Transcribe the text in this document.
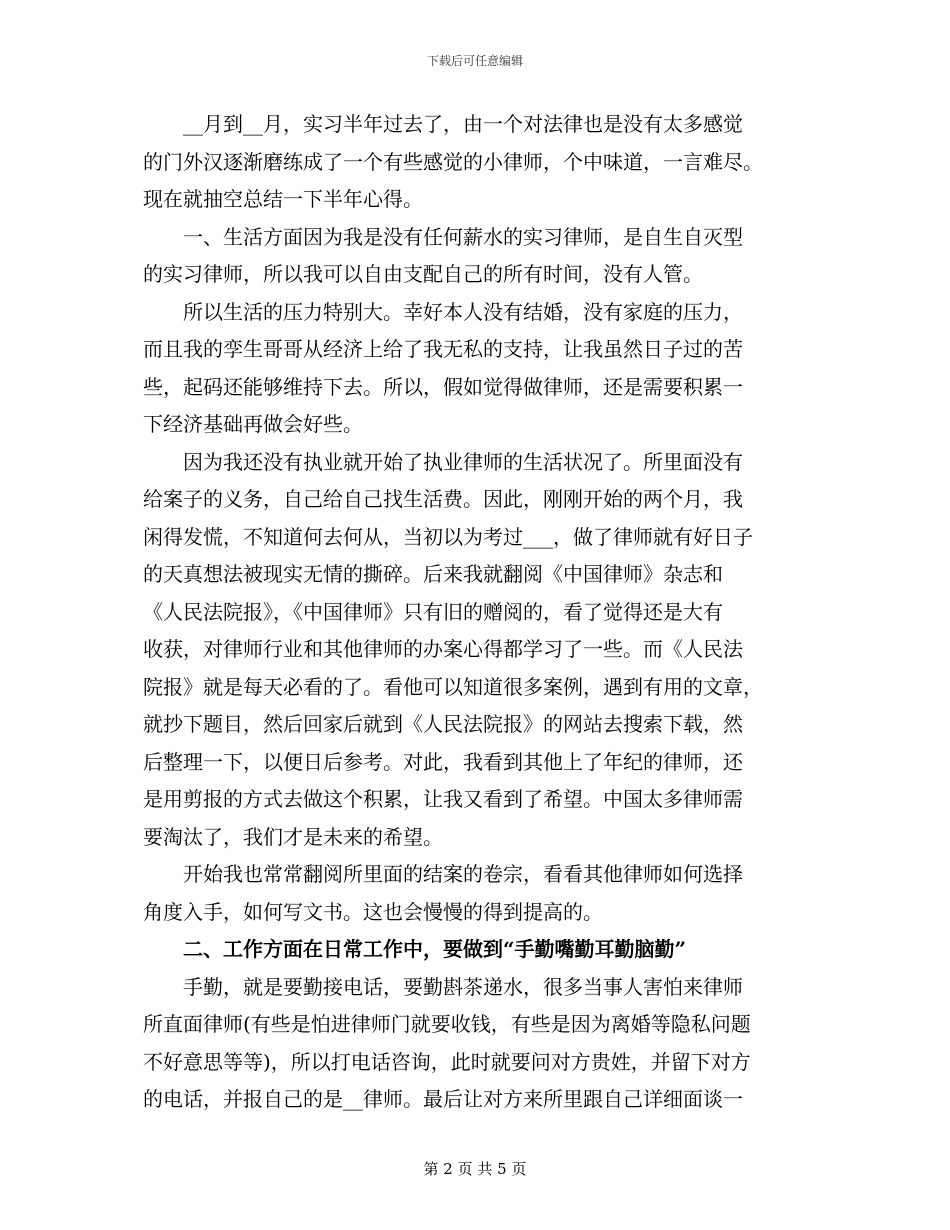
下载后可任意编辑
　　__月到__月，实习半年过去了，由一个对法律也是没有太多感觉
的门外汉逐渐磨练成了一个有些感觉的小律师，个中味道，一言难尽。
现在就抽空总结一下半年心得。
　　一、生活方面因为我是没有任何薪水的实习律师，是自生自灭型
的实习律师，所以我可以自由支配自己的所有时间，没有人管。
　　所以生活的压力特别大。幸好本人没有结婚，没有家庭的压力，
而且我的孪生哥哥从经济上给了我无私的支持，让我虽然日子过的苦
些，起码还能够维持下去。所以，假如觉得做律师，还是需要积累一
下经济基础再做会好些。
　　因为我还没有执业就开始了执业律师的生活状况了。所里面没有
给案子的义务，自己给自己找生活费。因此，刚刚开始的两个月，我
闲得发慌，不知道何去何从，当初以为考过___，做了律师就有好日子
的天真想法被现实无情的撕碎。后来我就翻阅《中国律师》杂志和
《人民法院报》，《中国律师》只有旧的赠阅的，看了觉得还是大有
收获，对律师行业和其他律师的办案心得都学习了一些。而《人民法
院报》就是每天必看的了。看他可以知道很多案例，遇到有用的文章，
就抄下题目，然后回家后就到《人民法院报》的网站去搜索下载，然
后整理一下，以便日后参考。对此，我看到其他上了年纪的律师，还
是用剪报的方式去做这个积累，让我又看到了希望。中国太多律师需
要淘汰了，我们才是未来的希望。
　　开始我也常常翻阅所里面的结案的卷宗，看看其他律师如何选择
角度入手，如何写文书。这也会慢慢的得到提高的。
　　二、工作方面在日常工作中，要做到“手勤嘴勤耳勤脑勤”
　　手勤，就是要勤接电话，要勤斟茶递水，很多当事人害怕来律师
所直面律师(有些是怕进律师门就要收钱，有些是因为离婚等隐私问题
不好意思等等)，所以打电话咨询，此时就要问对方贵姓，并留下对方
的电话，并报自己的是__律师。最后让对方来所里跟自己详细面谈一
第 2 页 共 5 页
